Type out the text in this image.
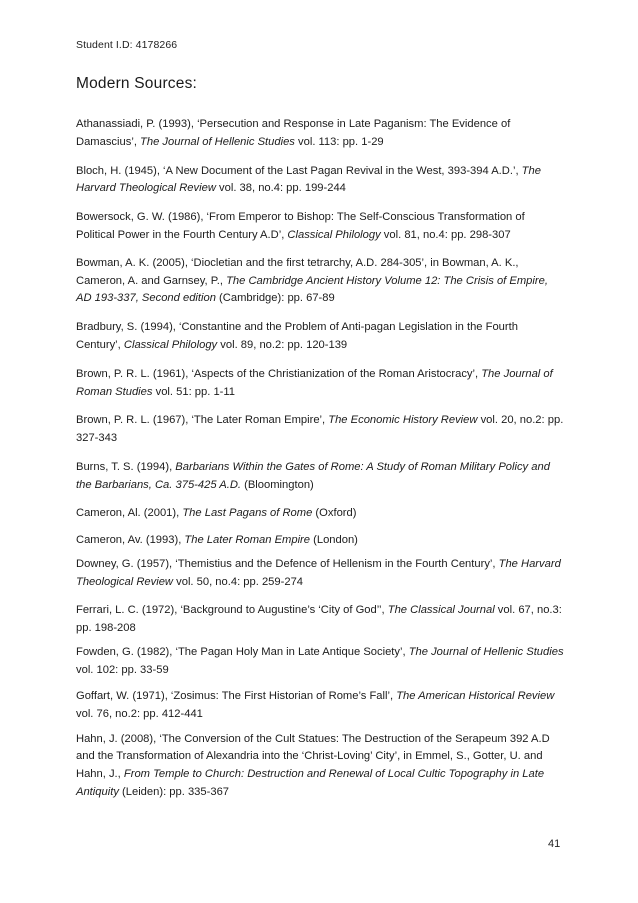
Student I.D: 4178266
Modern Sources:
Athanassiadi, P. (1993), ‘Persecution and Response in Late Paganism: The Evidence of Damascius’, The Journal of Hellenic Studies vol. 113: pp. 1-29
Bloch, H. (1945), ‘A New Document of the Last Pagan Revival in the West, 393-394 A.D.’, The Harvard Theological Review vol. 38, no.4: pp. 199-244
Bowersock, G. W. (1986), ‘From Emperor to Bishop: The Self-Conscious Transformation of Political Power in the Fourth Century A.D’, Classical Philology vol. 81, no.4: pp. 298-307
Bowman, A. K. (2005), ‘Diocletian and the first tetrarchy, A.D. 284-305’, in Bowman, A. K., Cameron, A. and Garnsey, P., The Cambridge Ancient History Volume 12: The Crisis of Empire, AD 193-337, Second edition (Cambridge): pp. 67-89
Bradbury, S. (1994), ‘Constantine and the Problem of Anti-pagan Legislation in the Fourth Century’, Classical Philology vol. 89, no.2: pp. 120-139
Brown, P. R. L. (1961), ‘Aspects of the Christianization of the Roman Aristocracy’, The Journal of Roman Studies vol. 51: pp. 1-11
Brown, P. R. L. (1967), ‘The Later Roman Empire’, The Economic History Review vol. 20, no.2: pp. 327-343
Burns, T. S. (1994), Barbarians Within the Gates of Rome: A Study of Roman Military Policy and the Barbarians, Ca. 375-425 A.D. (Bloomington)
Cameron, Al. (2001), The Last Pagans of Rome (Oxford)
Cameron, Av. (1993), The Later Roman Empire (London)
Downey, G. (1957), ‘Themistius and the Defence of Hellenism in the Fourth Century’, The Harvard Theological Review vol. 50, no.4: pp. 259-274
Ferrari, L. C. (1972), ‘Background to Augustine’s ‘City of God’’, The Classical Journal vol. 67, no.3: pp. 198-208
Fowden, G. (1982), ‘The Pagan Holy Man in Late Antique Society’, The Journal of Hellenic Studies vol. 102: pp. 33-59
Goffart, W. (1971), ‘Zosimus: The First Historian of Rome’s Fall’, The American Historical Review vol. 76, no.2: pp. 412-441
Hahn, J. (2008), ‘The Conversion of the Cult Statues: The Destruction of the Serapeum 392 A.D and the Transformation of Alexandria into the ‘Christ-Loving’ City’, in Emmel, S., Gotter, U. and Hahn, J., From Temple to Church: Destruction and Renewal of Local Cultic Topography in Late Antiquity (Leiden): pp. 335-367
41
